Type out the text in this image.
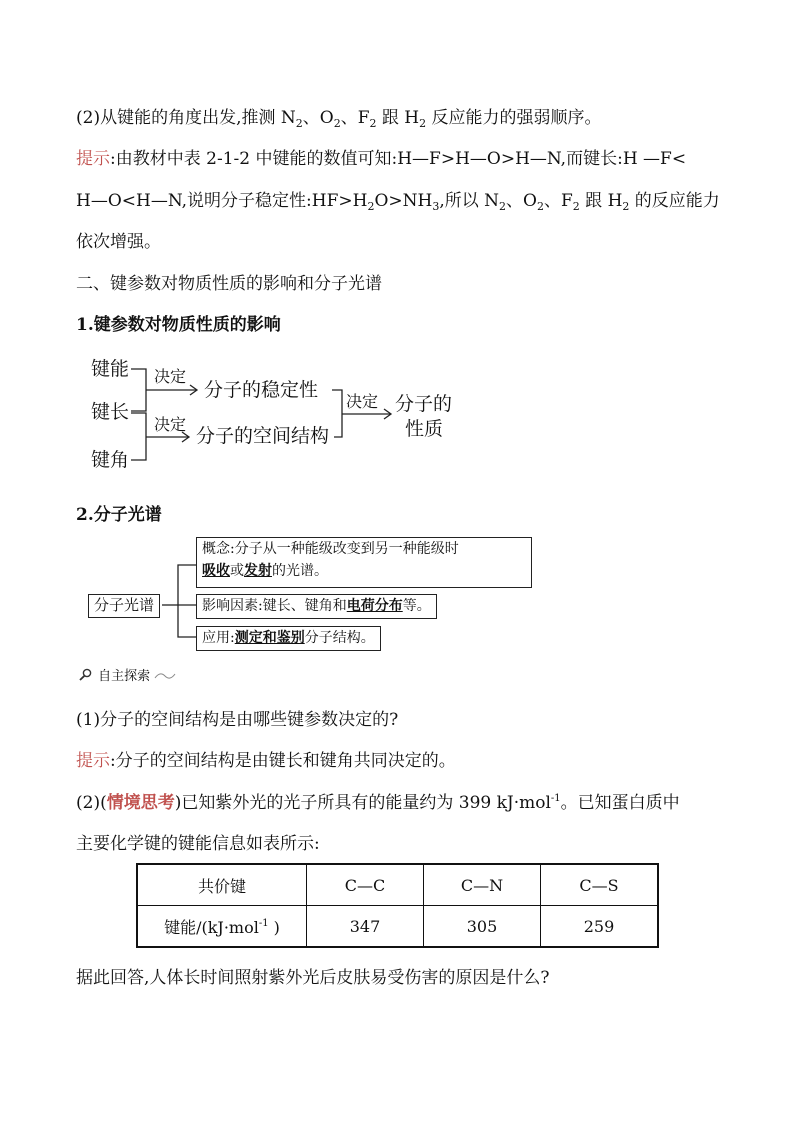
(2)从键能的角度出发,推测 $N_2$、$O_2$、$F_2$ 跟 $H_2$ 反应能力的强弱顺序。
提示:由教材中表 2-1-2 中键能的数值可知:H—F>H—O>H—N,而键长:H —F<
H—O<H—N,说明分子稳定性$:HF>H_2O>NH_3$,所以 $N_2$、$O_2$、$F_2$ 跟 $H_2$ 的反应能力
依次增强。
二、键参数对物质性质的影响和分子光谱
1.键参数对物质性质的影响
键能
键长
键角
决定
决定
决定
分子的稳定性
分子的空间结构
分子的
性质
2.分子光谱
分子光谱
概念:分子从一种能级改变到另一种能级时
吸收或发射的光谱。
影响因素:键长、键角和电荷分布等。
应用:测定和鉴别分子结构。
自主探索
(1)分子的空间结构是由哪些键参数决定的?
提示:分子的空间结构是由键长和键角共同决定的。
(2)(情境思考)已知紫外光的光子所具有的能量约为 399 kJ·mol$^{-1}$。已知蛋白质中
主要化学键的键能信息如表所示:
共价键	C—C	C—N	C—S
键能/(kJ·mol$^{-1}$ )	347	305	259
据此回答,人体长时间照射紫外光后皮肤易受伤害的原因是什么?
